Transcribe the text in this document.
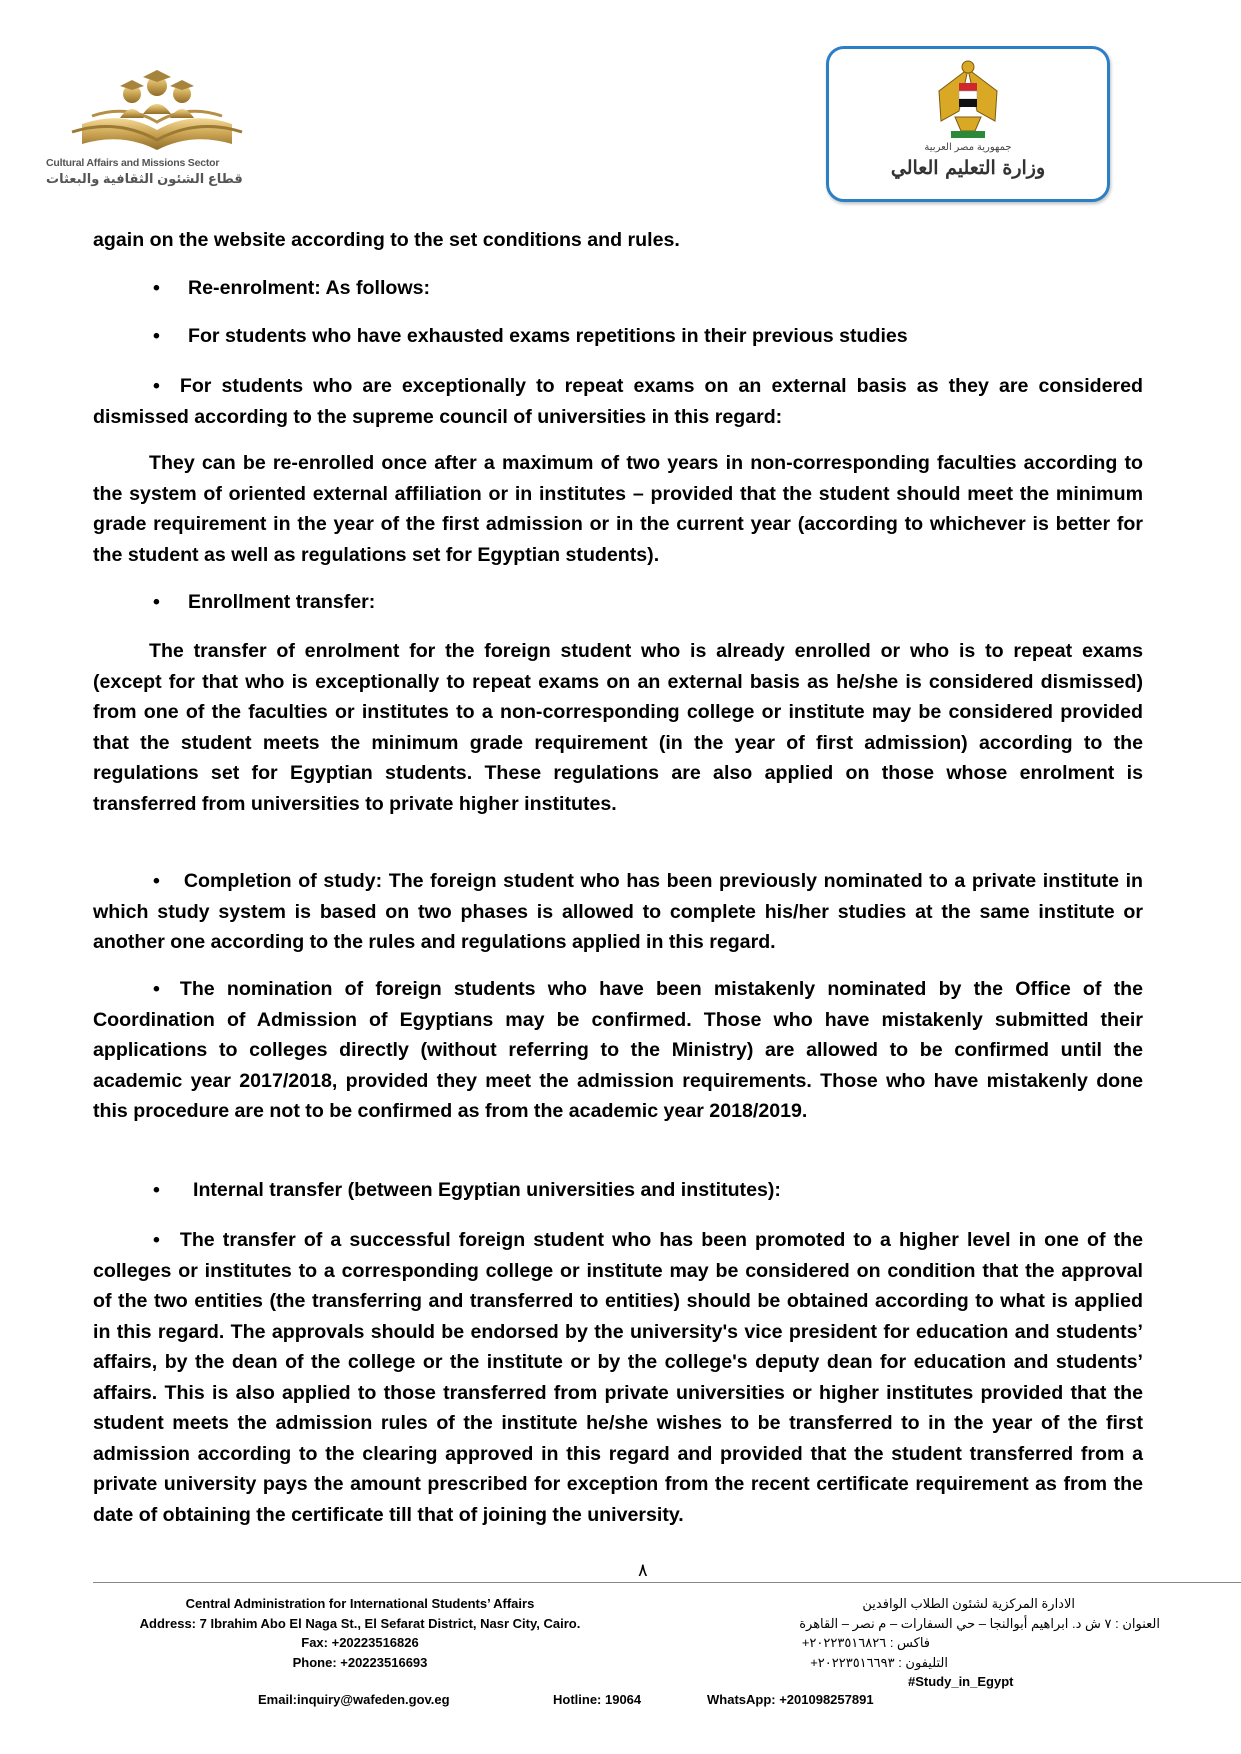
Cultural Affairs and Missions Sector
قطاع الشئون الثقافية والبعثات
جمهورية مصر العربية
وزارة التعليم العالي

again on the website according to the set conditions and rules.

• Re-enrolment: As follows:
• For students who have exhausted exams repetitions in their previous studies

• For students who are exceptionally to repeat exams on an external basis as they are considered dismissed according to the supreme council of universities in this regard:

They can be re-enrolled once after a maximum of two years in non-corresponding faculties according to the system of oriented external affiliation or in institutes – provided that the student should meet the minimum grade requirement in the year of the first admission or in the current year (according to whichever is better for the student as well as regulations set for Egyptian students).

• Enrollment transfer:

The transfer of enrolment for the foreign student who is already enrolled or who is to repeat exams (except for that who is exceptionally to repeat exams on an external basis as he/she is considered dismissed) from one of the faculties or institutes to a non-corresponding college or institute may be considered provided that the student meets the minimum grade requirement (in the year of first admission) according to the regulations set for Egyptian students. These regulations are also applied on those whose enrolment is transferred from universities to private higher institutes.

• Completion of study: The foreign student who has been previously nominated to a private institute in which study system is based on two phases is allowed to complete his/her studies at the same institute or another one according to the rules and regulations applied in this regard.

• The nomination of foreign students who have been mistakenly nominated by the Office of the Coordination of Admission of Egyptians may be confirmed. Those who have mistakenly submitted their applications to colleges directly (without referring to the Ministry) are allowed to be confirmed until the academic year 2017/2018, provided they meet the admission requirements. Those who have mistakenly done this procedure are not to be confirmed as from the academic year 2018/2019.

• Internal transfer (between Egyptian universities and institutes):

• The transfer of a successful foreign student who has been promoted to a higher level in one of the colleges or institutes to a corresponding college or institute may be considered on condition that the approval of the two entities (the transferring and transferred to entities) should be obtained according to what is applied in this regard. The approvals should be endorsed by the university's vice president for education and students’ affairs, by the dean of the college or the institute or by the college's deputy dean for education and students’ affairs. This is also applied to those transferred from private universities or higher institutes provided that the student meets the admission rules of the institute he/she wishes to be transferred to in the year of the first admission according to the clearing approved in this regard and provided that the student transferred from a private university pays the amount prescribed for exception from the recent certificate requirement as from the date of obtaining the certificate till that of joining the university.

٨
Central Administration for International Students’ Affairs
Address: 7 Ibrahim Abo El Naga St., El Sefarat District, Nasr City, Cairo.
Fax: +20223516826
Phone: +20223516693
الادارة المركزية لشئون الطلاب الوافدين
العنوان : ٧ ش د. ابراهيم أبوالنجا – حي السفارات – م نصر – القاهرة
فاكس : ٢٠٢٢٣٥١٦٨٢٦+
التليفون : ٢٠٢٢٣٥١٦٦٩٣+
#Study_in_Egypt
Email:inquiry@wafeden.gov.eg	Hotline: 19064	WhatsApp: +201098257891
